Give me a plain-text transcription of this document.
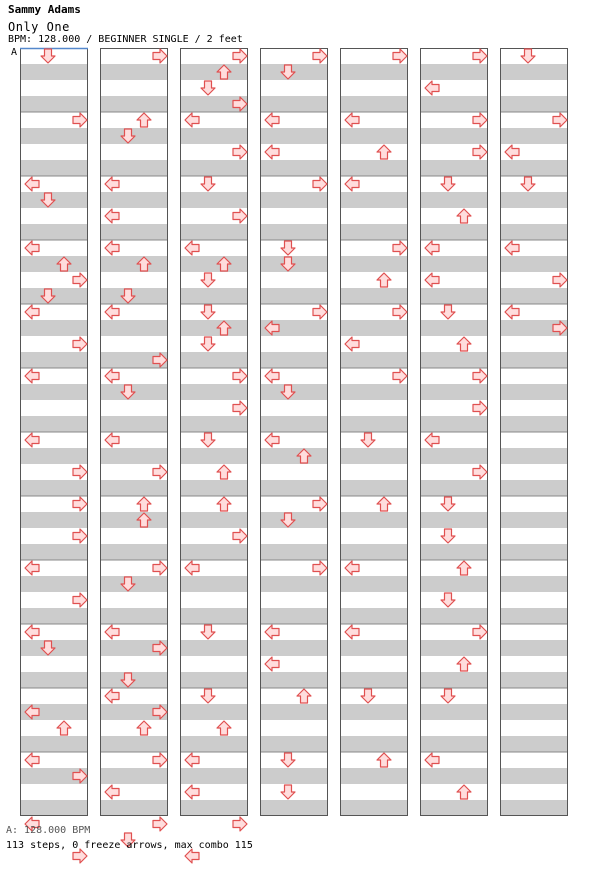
Sammy Adams
Only One
BPM: 128.000 / BEGINNER SINGLE / 2 feet
A
A: 128.000 BPM
113 steps, 0 freeze arrows, max combo 115
